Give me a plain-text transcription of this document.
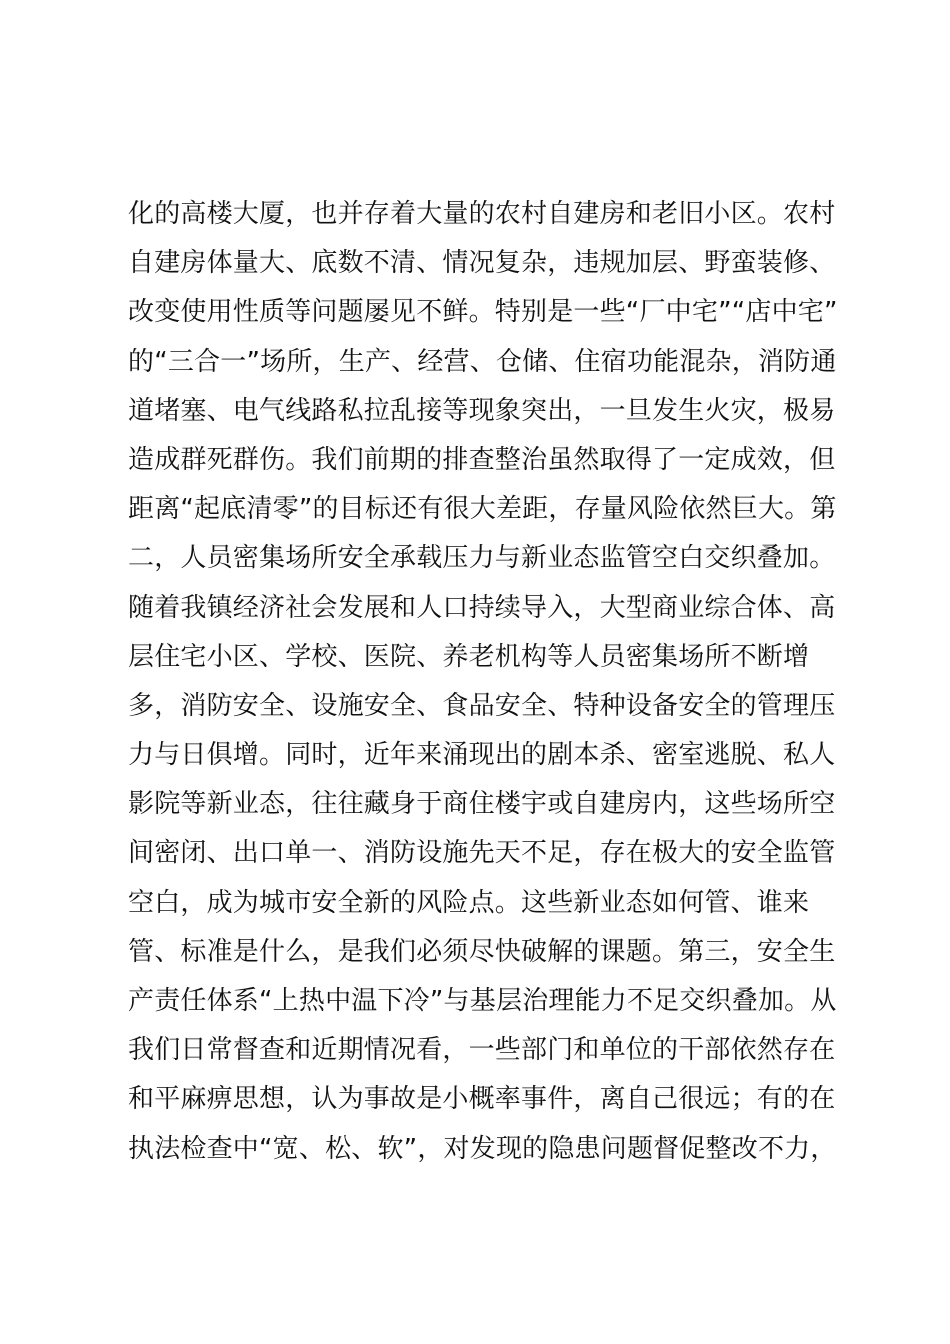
化的高楼大厦，也并存着大量的农村自建房和老旧小区。农村
自建房体量大、底数不清、情况复杂，违规加层、野蛮装修、
改变使用性质等问题屡见不鲜。特别是一些“厂中宅”“店中宅”
的“三合一”场所，生产、经营、仓储、住宿功能混杂，消防通
道堵塞、电气线路私拉乱接等现象突出，一旦发生火灾，极易
造成群死群伤。我们前期的排查整治虽然取得了一定成效，但
距离“起底清零”的目标还有很大差距，存量风险依然巨大。第
二，人员密集场所安全承载压力与新业态监管空白交织叠加。
随着我镇经济社会发展和人口持续导入，大型商业综合体、高
层住宅小区、学校、医院、养老机构等人员密集场所不断增
多，消防安全、设施安全、食品安全、特种设备安全的管理压
力与日俱增。同时，近年来涌现出的剧本杀、密室逃脱、私人
影院等新业态，往往藏身于商住楼宇或自建房内，这些场所空
间密闭、出口单一、消防设施先天不足，存在极大的安全监管
空白，成为城市安全新的风险点。这些新业态如何管、谁来
管、标准是什么，是我们必须尽快破解的课题。第三，安全生
产责任体系“上热中温下冷”与基层治理能力不足交织叠加。从
我们日常督查和近期情况看，一些部门和单位的干部依然存在
和平麻痹思想，认为事故是小概率事件，离自己很远；有的在
执法检查中“宽、松、软”，对发现的隐患问题督促整改不力，
